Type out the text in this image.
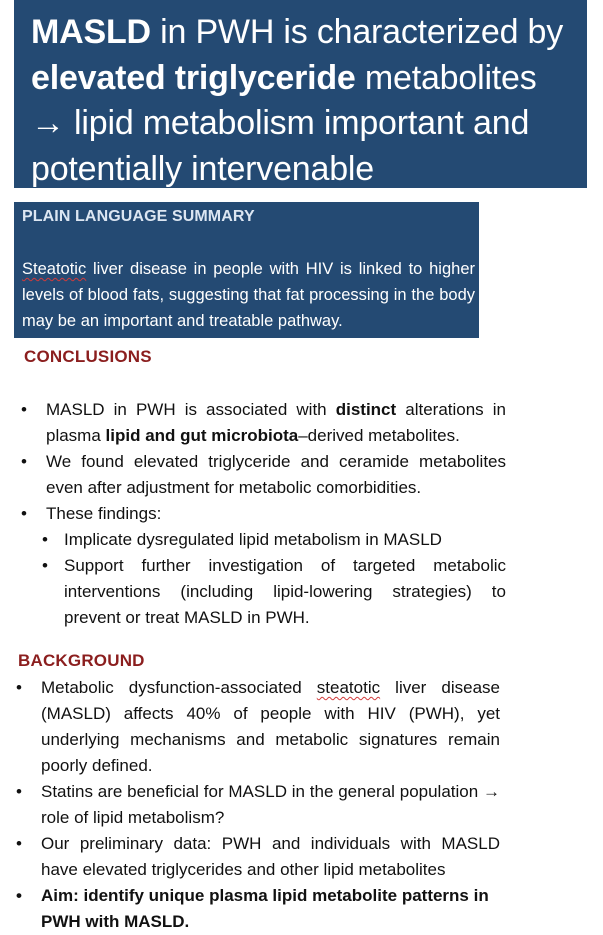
MASLD in PWH is characterized by
elevated triglyceride metabolites
→ lipid metabolism important and
potentially intervenable
PLAIN LANGUAGE SUMMARY
Steatotic liver disease in people with HIV is linked to higher levels of blood fats, suggesting that fat processing in the body may be an important and treatable pathway.
CONCLUSIONS
• MASLD in PWH is associated with distinct alterations in plasma lipid and gut microbiota–derived metabolites.
• We found elevated triglyceride and ceramide metabolites even after adjustment for metabolic comorbidities.
• These findings:
• Implicate dysregulated lipid metabolism in MASLD
• Support further investigation of targeted metabolic interventions (including lipid-lowering strategies) to prevent or treat MASLD in PWH.
BACKGROUND
• Metabolic dysfunction-associated steatotic liver disease (MASLD) affects 40% of people with HIV (PWH), yet underlying mechanisms and metabolic signatures remain poorly defined.
• Statins are beneficial for MASLD in the general population → role of lipid metabolism?
• Our preliminary data: PWH and individuals with MASLD have elevated triglycerides and other lipid metabolites
• Aim: identify unique plasma lipid metabolite patterns in PWH with MASLD.
